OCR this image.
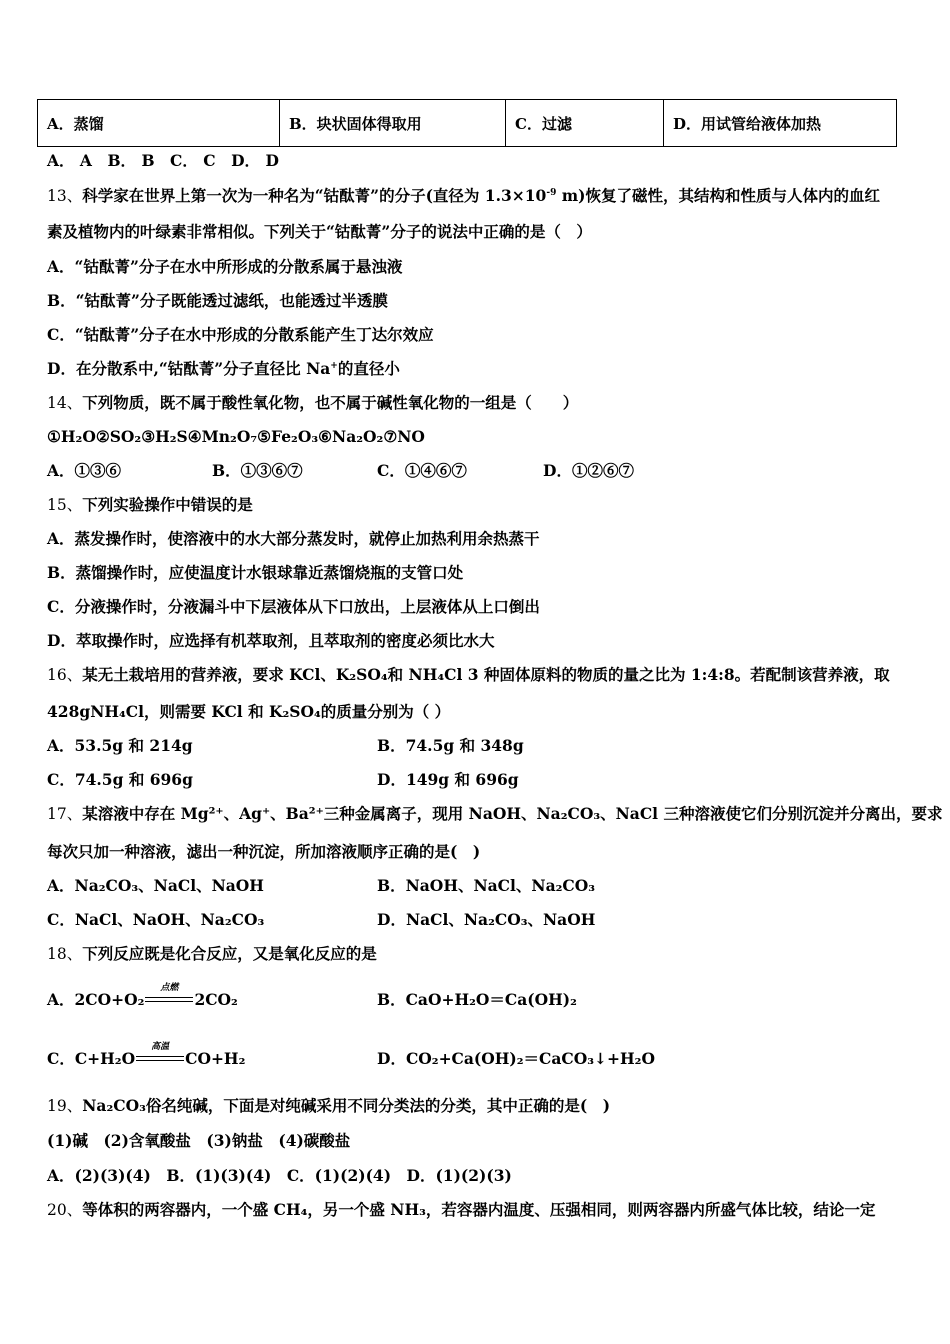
A．蒸馏	B．块状固体得取用	C．过滤	D．用试管给液体加热
A． A　B． B　C． C　D． D
13、科学家在世界上第一次为一种名为“钴酞菁”的分子(直径为 $1.3\times 10^{-9}$ m)恢复了磁性，其结构和性质与人体内的血红
素及植物内的叶绿素非常相似。下列关于“钴酞菁”分子的说法中正确的是（　）
A．“钴酞菁”分子在水中所形成的分散系属于悬浊液
B．“钴酞菁”分子既能透过滤纸，也能透过半透膜
C．“钴酞菁”分子在水中形成的分散系能产生丁达尔效应
D．在分散系中,“钴酞菁”分子直径比 Na+的直径小
14、下列物质，既不属于酸性氧化物，也不属于碱性氧化物的一组是（　　）
①H₂O②SO₂③H₂S④Mn₂O₇⑤Fe₂O₃⑥Na₂O₂⑦NO
A．①③⑥	B．①③⑥⑦	C．①④⑥⑦	D．①②⑥⑦
15、下列实验操作中错误的是
A．蒸发操作时，使溶液中的水大部分蒸发时，就停止加热利用余热蒸干
B．蒸馏操作时，应使温度计水银球靠近蒸馏烧瓶的支管口处
C．分液操作时，分液漏斗中下层液体从下口放出，上层液体从上口倒出
D．萃取操作时，应选择有机萃取剂，且萃取剂的密度必须比水大
16、某无土栽培用的营养液，要求 KCl、K₂SO₄和 NH₄Cl 3 种固体原料的物质的量之比为 1:4:8。若配制该营养液，取
428gNH₄Cl，则需要 KCl 和 K₂SO₄的质量分别为（ ）
A．53.5g 和 214g	B．74.5g 和 348g
C．74.5g 和 696g	D．149g 和 696g
17、某溶液中存在 Mg²⁺、Ag⁺、Ba²⁺三种金属离子，现用 NaOH、Na₂CO₃、NaCl 三种溶液使它们分别沉淀并分离出，要求
每次只加一种溶液，滤出一种沉淀，所加溶液顺序正确的是(　)
A．Na₂CO₃、NaCl、NaOH	B．NaOH、NaCl、Na₂CO₃
C．NaCl、NaOH、Na₂CO₃	D．NaCl、Na₂CO₃、NaOH
18、下列反应既是化合反应，又是氧化反应的是
A．2CO+O₂
点燃
2CO₂	B．CaO+H₂O＝Ca(OH)₂
C．C+H₂O
高温
CO+H₂	D．CO₂+Ca(OH)₂＝CaCO₃↓+H₂O
19、Na₂CO₃俗名纯碱，下面是对纯碱采用不同分类法的分类，其中正确的是(　)
(1)碱　(2)含氧酸盐　(3)钠盐　(4)碳酸盐
A．(2)(3)(4)　B．(1)(3)(4)　C．(1)(2)(4)　D．(1)(2)(3)
20、等体积的两容器内，一个盛 CH₄，另一个盛 NH₃，若容器内温度、压强相同，则两容器内所盛气体比较，结论一定
